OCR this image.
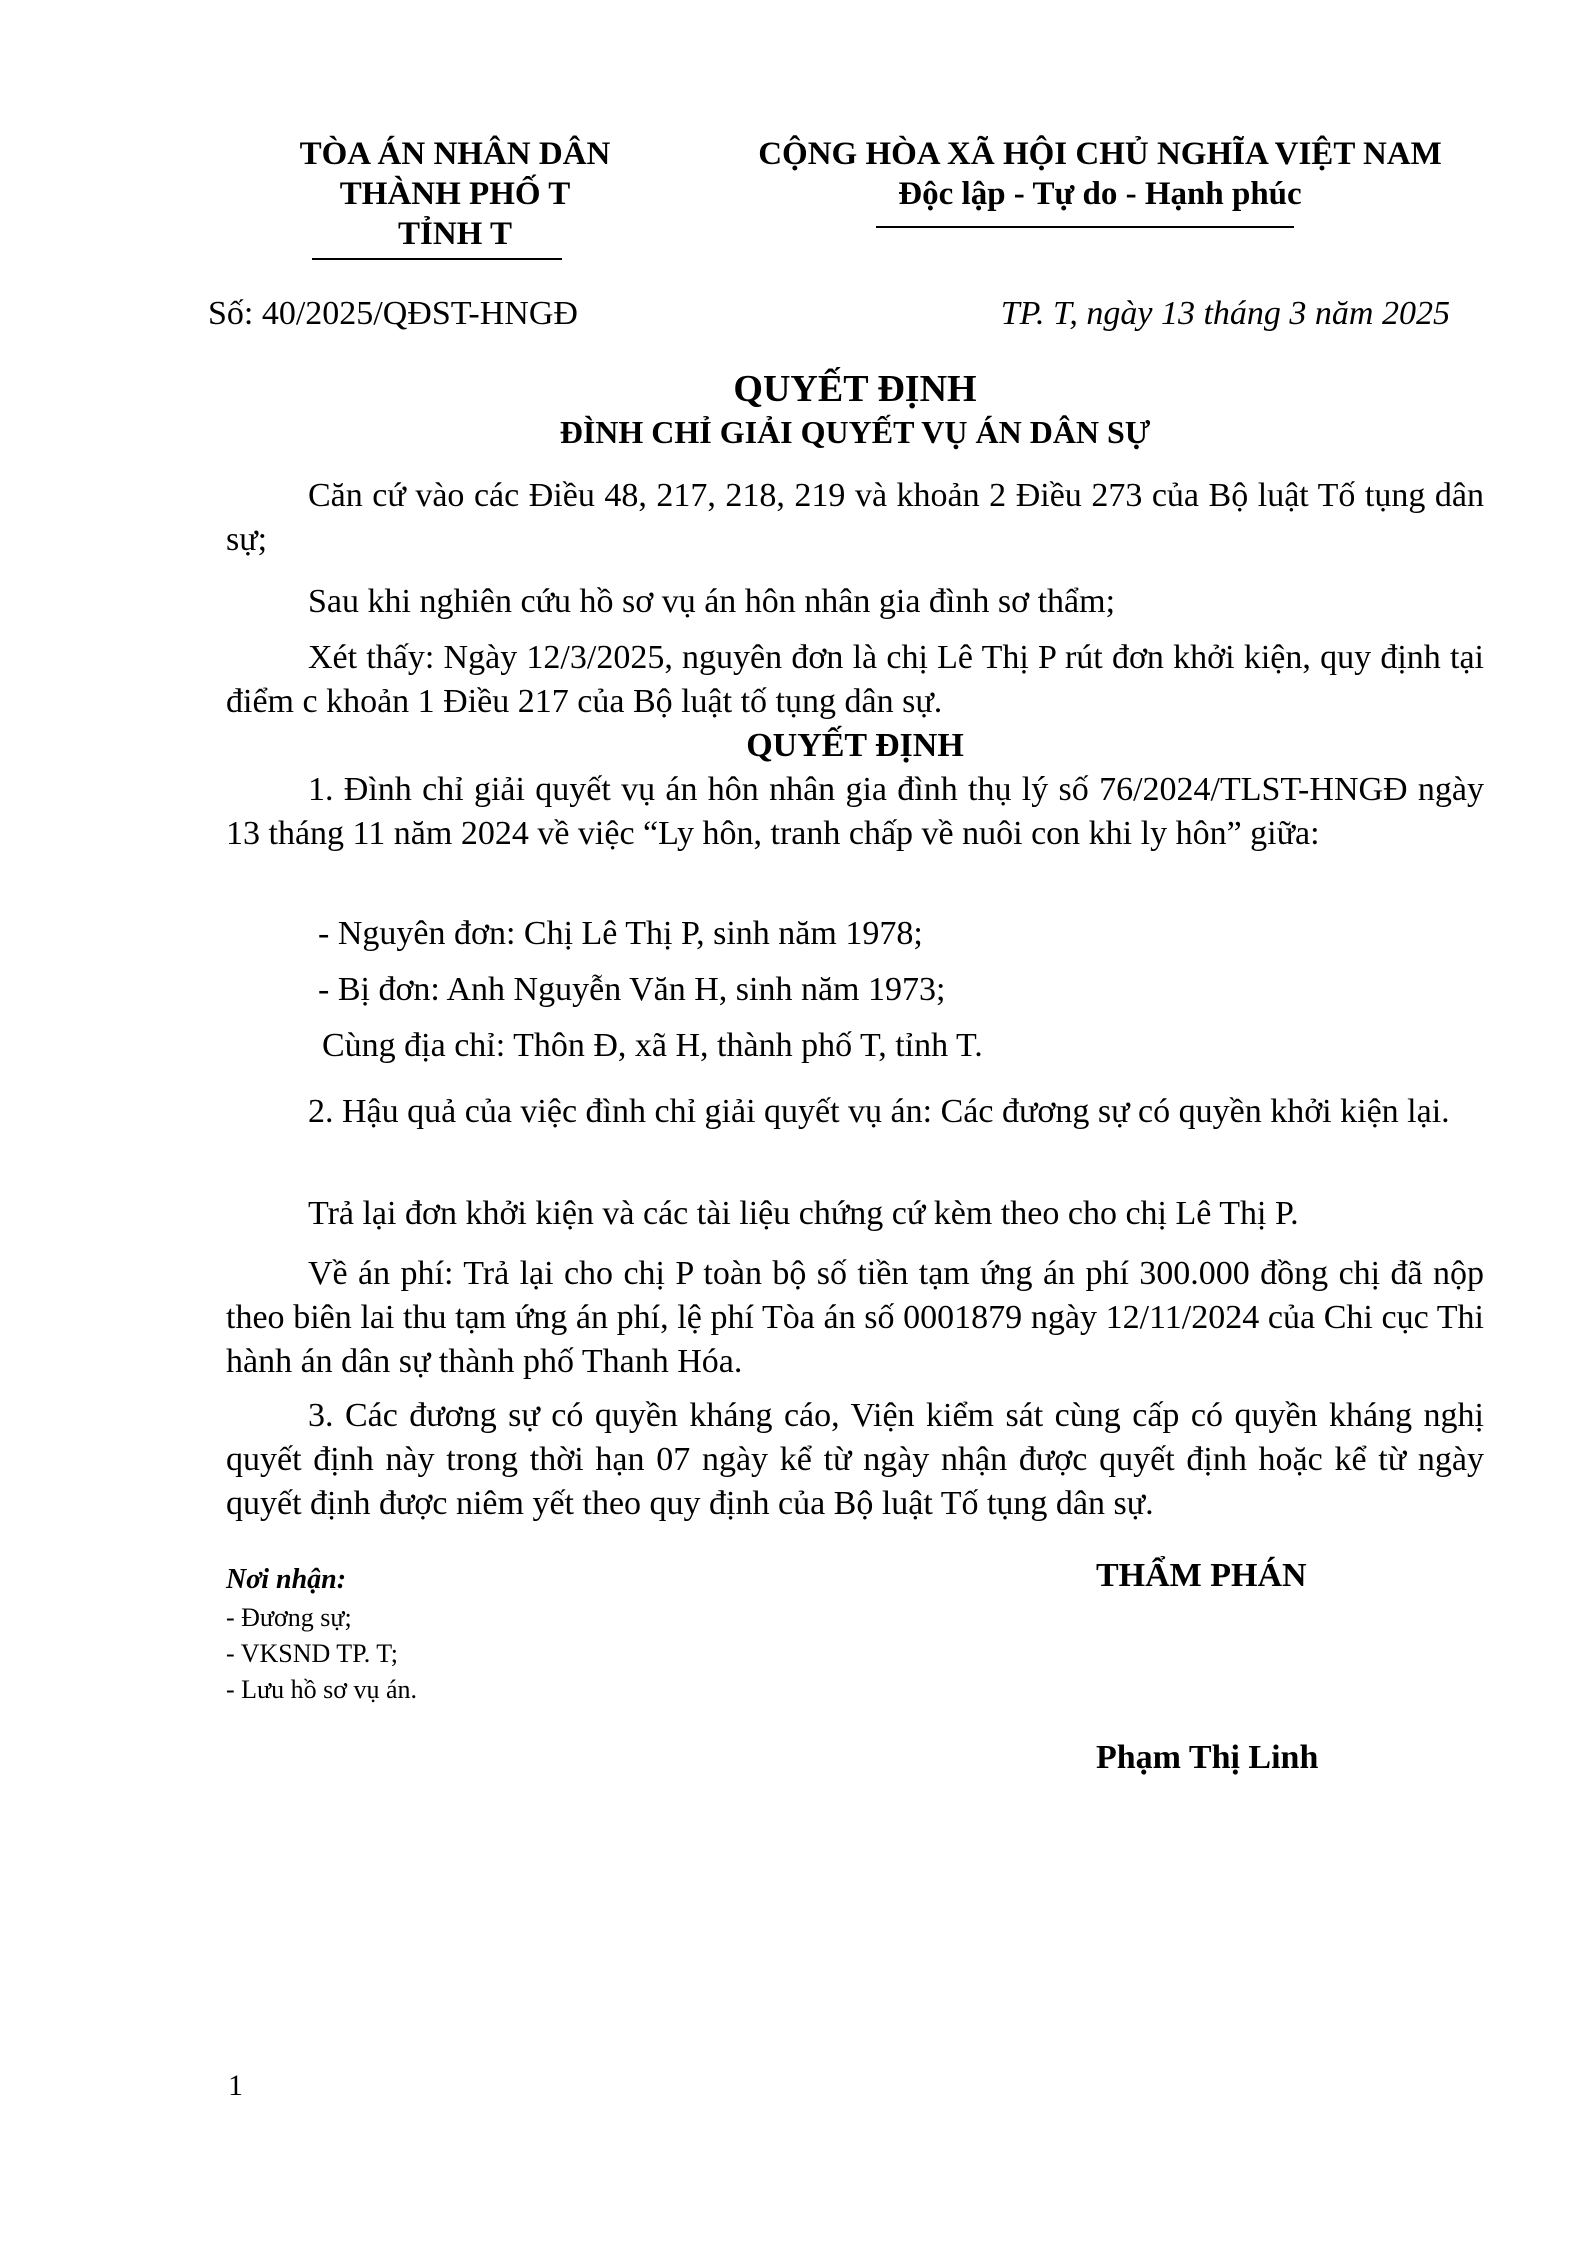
TÒA ÁN NHÂN DÂN
THÀNH PHỐ T
TỈNH T
CỘNG HÒA XÃ HỘI CHỦ NGHĨA VIỆT NAM
Độc lập - Tự do - Hạnh phúc
Số: 40/2025/QĐST-HNGĐ	TP. T, ngày 13 tháng 3 năm 2025
QUYẾT ĐỊNH
ĐÌNH CHỈ GIẢI QUYẾT VỤ ÁN DÂN SỰ
Căn cứ vào các Điều 48, 217, 218, 219 và khoản 2 Điều 273 của Bộ luật Tố tụng dân sự;
Sau khi nghiên cứu hồ sơ vụ án hôn nhân gia đình sơ thẩm;
Xét thấy: Ngày 12/3/2025, nguyên đơn là chị Lê Thị P rút đơn khởi kiện, quy định tại điểm c khoản 1 Điều 217 của Bộ luật tố tụng dân sự.
QUYẾT ĐỊNH
1. Đình chỉ giải quyết vụ án hôn nhân gia đình thụ lý số 76/2024/TLST-HNGĐ ngày 13 tháng 11 năm 2024 về việc “Ly hôn, tranh chấp về nuôi con khi ly hôn” giữa:
- Nguyên đơn: Chị Lê Thị P, sinh năm 1978;
- Bị đơn: Anh Nguyễn Văn H, sinh năm 1973;
Cùng địa chỉ: Thôn Đ, xã H, thành phố T, tỉnh T.
2. Hậu quả của việc đình chỉ giải quyết vụ án: Các đương sự có quyền khởi kiện lại.
Trả lại đơn khởi kiện và các tài liệu chứng cứ kèm theo cho chị Lê Thị P.
Về án phí: Trả lại cho chị P toàn bộ số tiền tạm ứng án phí 300.000 đồng chị đã nộp theo biên lai thu tạm ứng án phí, lệ phí Tòa án số 0001879 ngày 12/11/2024 của Chi cục Thi hành án dân sự thành phố Thanh Hóa.
3. Các đương sự có quyền kháng cáo, Viện kiểm sát cùng cấp có quyền kháng nghị quyết định này trong thời hạn 07 ngày kể từ ngày nhận được quyết định hoặc kể từ ngày quyết định được niêm yết theo quy định của Bộ luật Tố tụng dân sự.
Nơi nhận:
- Đương sự;
- VKSND TP. T;
- Lưu hồ sơ vụ án.
THẨM PHÁN
Phạm Thị Linh
1
